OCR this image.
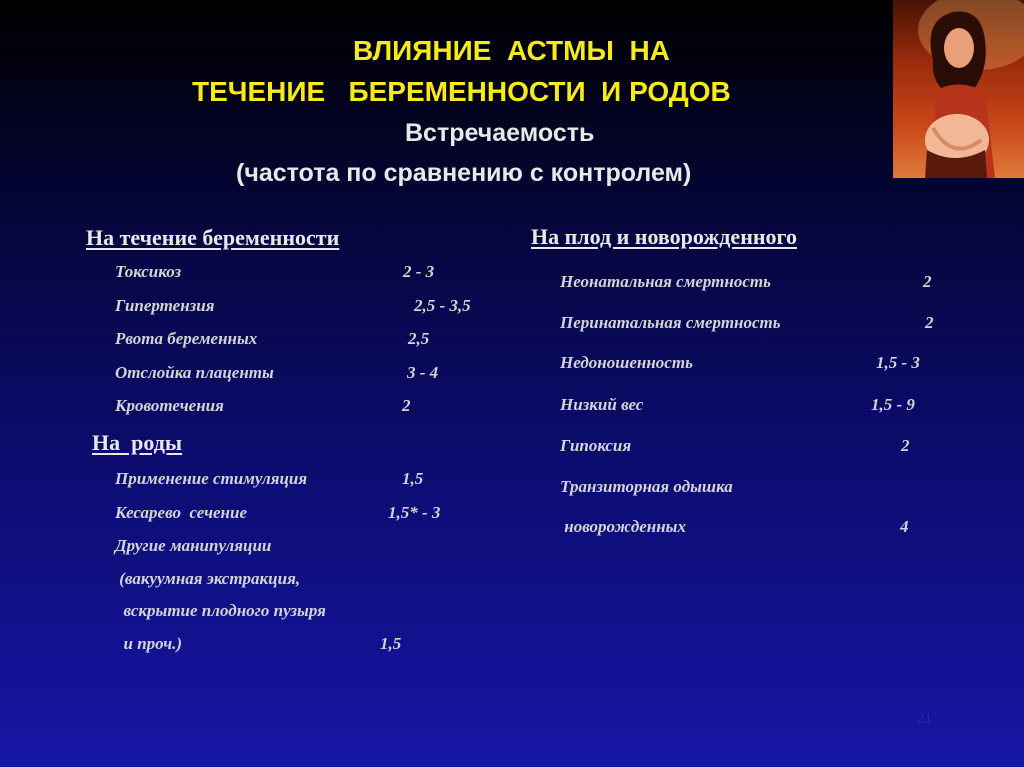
ВЛИЯНИЕ  АСТМЫ  НА
ТЕЧЕНИЕ   БЕРЕМЕННОСТИ  И РОДОВ
Встречаемость
(частота по сравнению с контролем)
На течение беременности
Токсикоз	2 - 3
Гипертензия	2,5 - 3,5
Рвота беременных	2,5
Отслойка плаценты	3 - 4
Кровотечения	2
На  роды
Применение стимуляция	1,5
Кесарево  сечение	1,5* - 3
Другие манипуляции
(вакуумная экстракция,
вскрытие плодного пузыря
и проч.)	1,5
На плод и новорожденного
Неонатальная смертность	2
Перинатальная смертность	2
Недоношенность	1,5 - 3
Низкий вес	1,5 - 9
Гипоксия	2
Транзиторная одышка
новорожденных	4
21
